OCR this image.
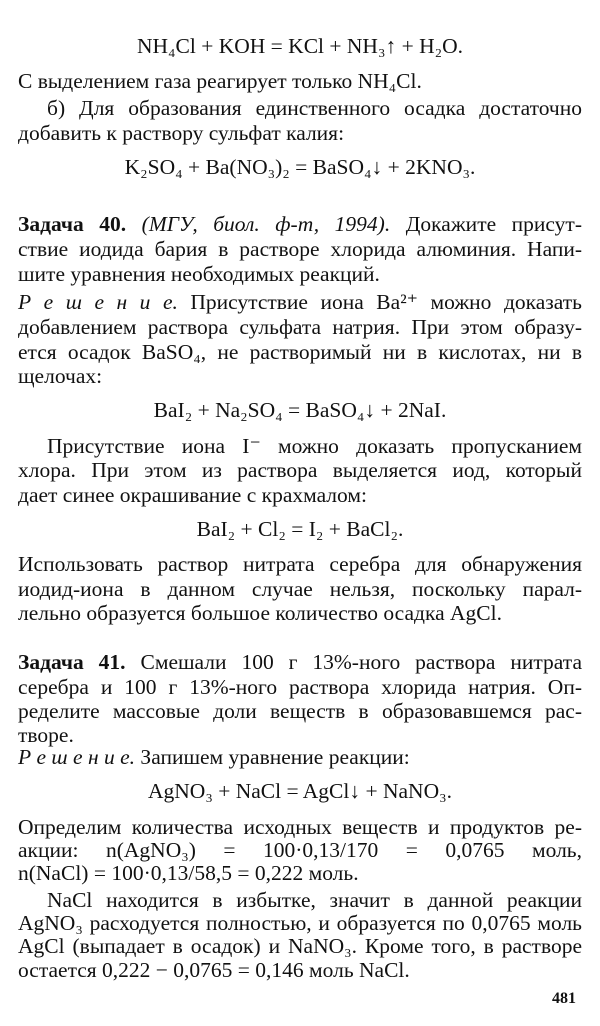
NH₄Cl + KOH = KCl + NH₃↑ + H₂O.
С выделением газа реагирует только NH₄Cl.
б) Для образования единственного осадка достаточно
добавить к раствору сульфат калия:
K₂SO₄ + Ba(NO₃)₂ = BaSO₄↓ + 2KNO₃.
Задача 40. (МГУ, биол. ф-т, 1994). Докажите присут-
ствие иодида бария в растворе хлорида алюминия. Напи-
шите уравнения необходимых реакций.
Р е ш е н и е. Присутствие иона Ba²⁺ можно доказать
добавлением раствора сульфата натрия. При этом образу-
ется осадок BaSO₄, не растворимый ни в кислотах, ни в
щелочах:
BaI₂ + Na₂SO₄ = BaSO₄↓ + 2NaI.
Присутствие иона I⁻ можно доказать пропусканием
хлора. При этом из раствора выделяется иод, который
дает синее окрашивание с крахмалом:
BaI₂ + Cl₂ = I₂ + BaCl₂.
Использовать раствор нитрата серебра для обнаружения
иодид-иона в данном случае нельзя, поскольку парал-
лельно образуется большое количество осадка AgCl.
Задача 41. Смешали 100 г 13%-ного раствора нитрата
серебра и 100 г 13%-ного раствора хлорида натрия. Оп-
ределите массовые доли веществ в образовавшемся рас-
творе.
Р е ш е н и е. Запишем уравнение реакции:
AgNO₃ + NaCl = AgCl↓ + NaNO₃.
Определим количества исходных веществ и продуктов ре-
акции: n(AgNO₃) = 100·0,13/170 = 0,0765 моль,
n(NaCl) = 100·0,13/58,5 = 0,222 моль.
NaCl находится в избытке, значит в данной реакции
AgNO₃ расходуется полностью, и образуется по 0,0765 моль
AgCl (выпадает в осадок) и NaNO₃. Кроме того, в растворе
остается 0,222 − 0,0765 = 0,146 моль NaCl.
481
